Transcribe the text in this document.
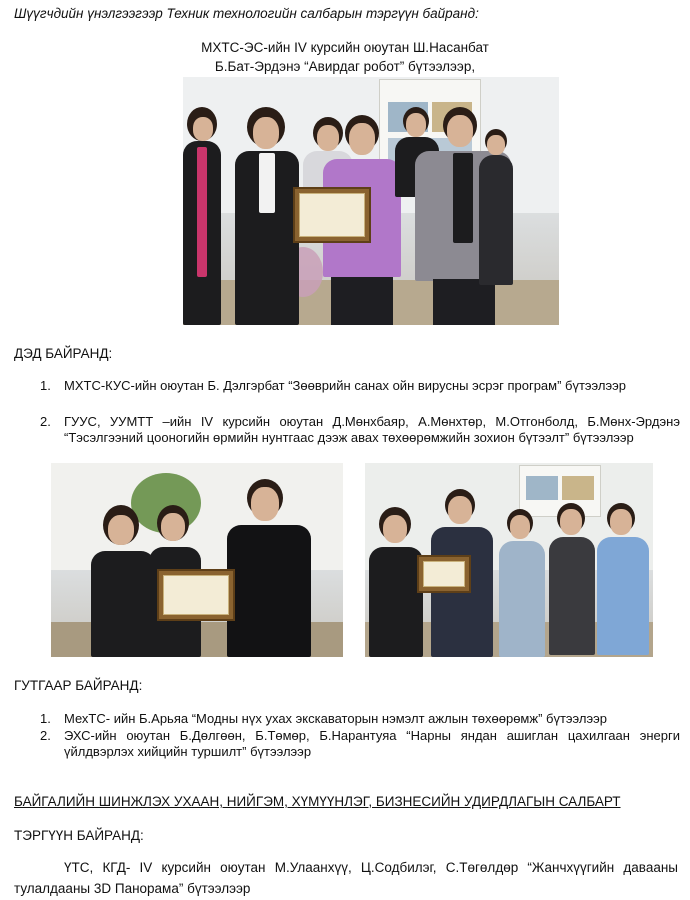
Шүүгчдийн үнэлгээгээр Техник технологийн салбарын тэргүүн байранд:
МХТС-ЭС-ийн IV курсийн оюутан Ш.Насанбат
Б.Бат-Эрдэнэ “Авирдаг робот” бүтээлээр,
ДЭД БАЙРАНД:
1.	МХТС-КУС-ийн оюутан Б. Дэлгэрбат “Зөөврийн санах ойн вирусны эсрэг програм” бүтээлээр
2.	ГУУС, УУМТТ –ийн IV курсийн оюутан Д.Мөнхбаяр, А.Мөнхтөр, М.Отгонболд, Б.Мөнх-Эрдэнэ “Тэсэлгээний цооногийн өрмийн нунтгаас дээж авах төхөөрөмжийн зохион бүтээлт” бүтээлээр
ГУТГААР БАЙРАНД:
1.	МехТС- ийн Б.Арьяа “Модны нүх ухах экскаваторын нэмэлт ажлын төхөөрөмж” бүтээлээр
2.	ЭХС-ийн оюутан Б.Дөлгөөн, Б.Төмөр, Б.Нарантуяа “Нарны яндан ашиглан цахилгаан энерги үйлдвэрлэх хийцийн туршилт” бүтээлээр
БАЙГАЛИЙН ШИНЖЛЭХ УХААН, НИЙГЭМ, ХҮМҮҮНЛЭГ, БИЗНЕСИЙН УДИРДЛАГЫН САЛБАРТ
ТЭРГҮҮН БАЙРАНД:
ҮТС, КГД- IV курсийн оюутан М.Улаанхүү, Ц.Содбилэг, С.Төгөлдөр “Жанчхүүгийн давааны тулалдааны 3D Панорама” бүтээлээр
